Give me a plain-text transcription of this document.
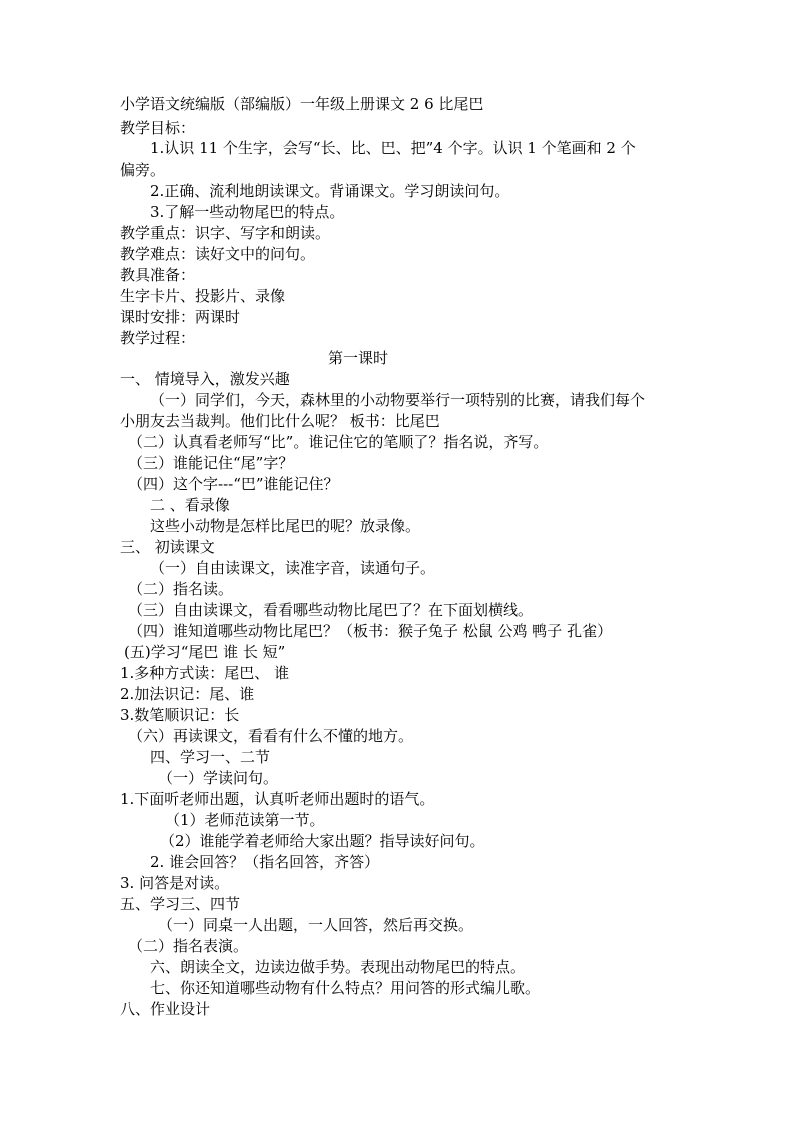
小学语文统编版（部编版）一年级上册课文 2 6 比尾巴
教学目标：
1.认识 11 个生字，会写“长、比、巴、把”4 个字。认识 1 个笔画和 2 个
偏旁。
2.正确、流利地朗读课文。背诵课文。学习朗读问句。
3.了解一些动物尾巴的特点。
教学重点：识字、写字和朗读。
教学难点：读好文中的问句。
教具准备：
生字卡片、投影片、录像
课时安排：两课时
教学过程：
第一课时
一、 情境导入，激发兴趣
（一）同学们，今天，森林里的小动物要举行一项特别的比赛，请我们每个
小朋友去当裁判。他们比什么呢？ 板书：比尾巴
（二）认真看老师写“比”。谁记住它的笔顺了？指名说，齐写。
（三）谁能记住“尾”字？
（四）这个字---“巴”谁能记住？
二 、看录像
这些小动物是怎样比尾巴的呢？放录像。
三、 初读课文
（一）自由读课文，读准字音，读通句子。
（二）指名读。
（三）自由读课文，看看哪些动物比尾巴了？在下面划横线。
（四）谁知道哪些动物比尾巴？（板书：猴子兔子 松鼠 公鸡 鸭子 孔雀）
(五)学习“尾巴 谁 长 短”
1.多种方式读：尾巴、 谁
2.加法识记：尾、谁
3.数笔顺识记：长
（六）再读课文，看看有什么不懂的地方。
四、学习一、二节
（一）学读问句。
1.下面听老师出题，认真听老师出题时的语气。
（1）老师范读第一节。
（2）谁能学着老师给大家出题？指导读好问句。
2. 谁会回答？（指名回答，齐答）
3. 问答是对读。
五、学习三、四节
（一）同桌一人出题，一人回答，然后再交换。
（二）指名表演。
六、朗读全文，边读边做手势。表现出动物尾巴的特点。
七、你还知道哪些动物有什么特点？用问答的形式编儿歌。
八、作业设计
